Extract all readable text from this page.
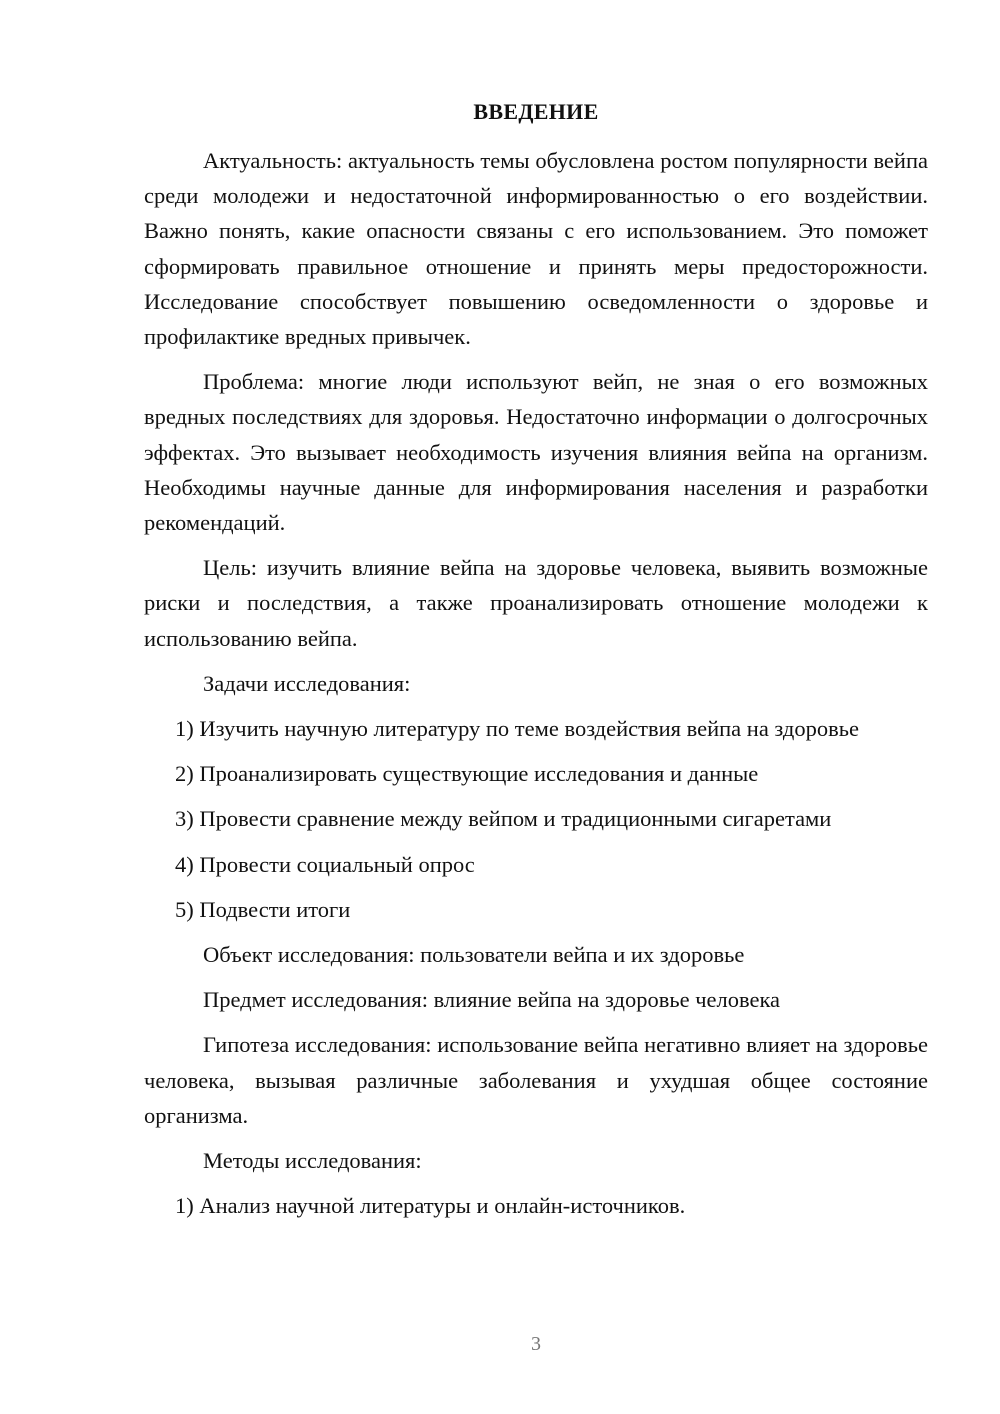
ВВЕДЕНИЕ

Актуальность: актуальность темы обусловлена ростом популярности вейпа среди молодежи и недостаточной информированностью о его воздействии. Важно понять, какие опасности связаны с его использованием. Это поможет сформировать правильное отношение и принять меры предосторожности. Исследование способствует повышению осведомленности о здоровье и профилактике вредных привычек.

Проблема: многие люди используют вейп, не зная о его возможных вредных последствиях для здоровья. Недостаточно информации о долгосрочных эффектах. Это вызывает необходимость изучения влияния вейпа на организм. Необходимы научные данные для информирования населения и разработки рекомендаций.

Цель: изучить влияние вейпа на здоровье человека, выявить возможные риски и последствия, а также проанализировать отношение молодежи к использованию вейпа.

Задачи исследования:

1) Изучить научную литературу по теме воздействия вейпа на здоровье

2) Проанализировать существующие исследования и данные

3) Провести сравнение между вейпом и традиционными сигаретами

4) Провести социальный опрос

5) Подвести итоги

Объект исследования: пользователи вейпа и их здоровье

Предмет исследования: влияние вейпа на здоровье человека

Гипотеза исследования: использование вейпа негативно влияет на здоровье человека, вызывая различные заболевания и ухудшая общее состояние организма.

Методы исследования:

1) Анализ научной литературы и онлайн-источников.

3
